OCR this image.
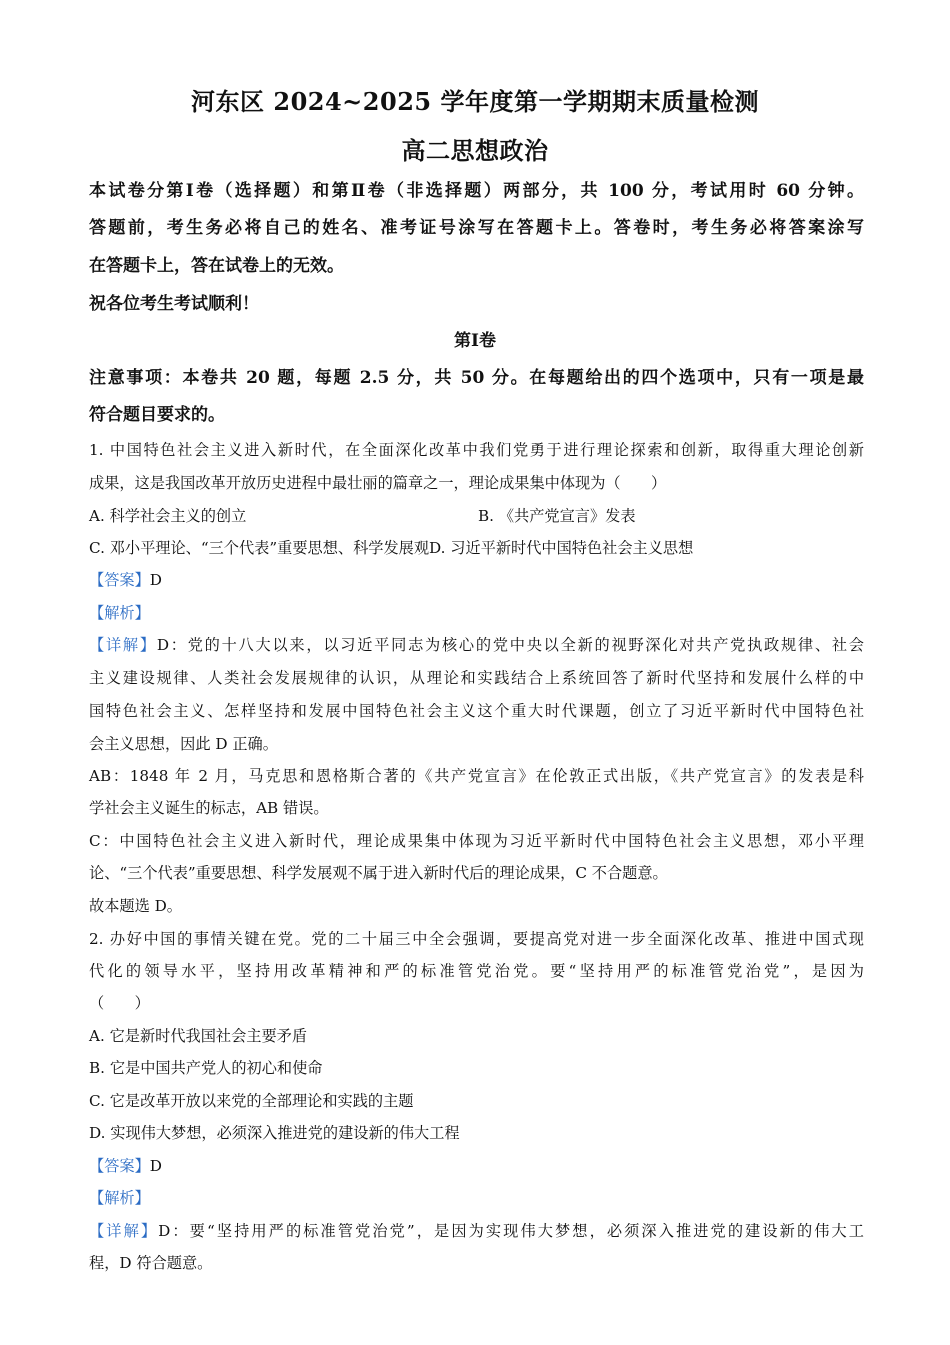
河东区 2024~2025 学年度第一学期期末质量检测
高二思想政治
本试卷分第Ⅰ卷（选择题）和第Ⅱ卷（非选择题）两部分，共 100 分，考试用时 60 分钟。
答题前，考生务必将自己的姓名、准考证号涂写在答题卡上。答卷时，考生务必将答案涂写
在答题卡上，答在试卷上的无效。
祝各位考生考试顺利！
第Ⅰ卷
注意事项：本卷共 20 题，每题 2.5 分，共 50 分。在每题给出的四个选项中，只有一项是最
符合题目要求的。
1. 中国特色社会主义进入新时代，在全面深化改革中我们党勇于进行理论探索和创新，取得重大理论创新
成果，这是我国改革开放历史进程中最壮丽的篇章之一，理论成果集中体现为（　　）
A. 科学社会主义的创立	B. 《共产党宣言》发表
C. 邓小平理论、“三个代表”重要思想、科学发展观D. 习近平新时代中国特色社会主义思想
【答案】D
【解析】
【详解】D：党的十八大以来，以习近平同志为核心的党中央以全新的视野深化对共产党执政规律、社会
主义建设规律、人类社会发展规律的认识，从理论和实践结合上系统回答了新时代坚持和发展什么样的中
国特色社会主义、怎样坚持和发展中国特色社会主义这个重大时代课题，创立了习近平新时代中国特色社
会主义思想，因此 D 正确。
AB：1848 年 2 月，马克思和恩格斯合著的《共产党宣言》在伦敦正式出版，《共产党宣言》的发表是科
学社会主义诞生的标志，AB 错误。
C：中国特色社会主义进入新时代，理论成果集中体现为习近平新时代中国特色社会主义思想，邓小平理
论、“三个代表”重要思想、科学发展观不属于进入新时代后的理论成果，C 不合题意。
故本题选 D。
2. 办好中国的事情关键在党。党的二十届三中全会强调，要提高党对进一步全面深化改革、推进中国式现
代化的领导水平，坚持用改革精神和严的标准管党治党。要“坚持用严的标准管党治党”，是因为
（　　）
A. 它是新时代我国社会主要矛盾
B. 它是中国共产党人的初心和使命
C. 它是改革开放以来党的全部理论和实践的主题
D. 实现伟大梦想，必须深入推进党的建设新的伟大工程
【答案】D
【解析】
【详解】D：要“坚持用严的标准管党治党”，是因为实现伟大梦想，必须深入推进党的建设新的伟大工
程，D 符合题意。
